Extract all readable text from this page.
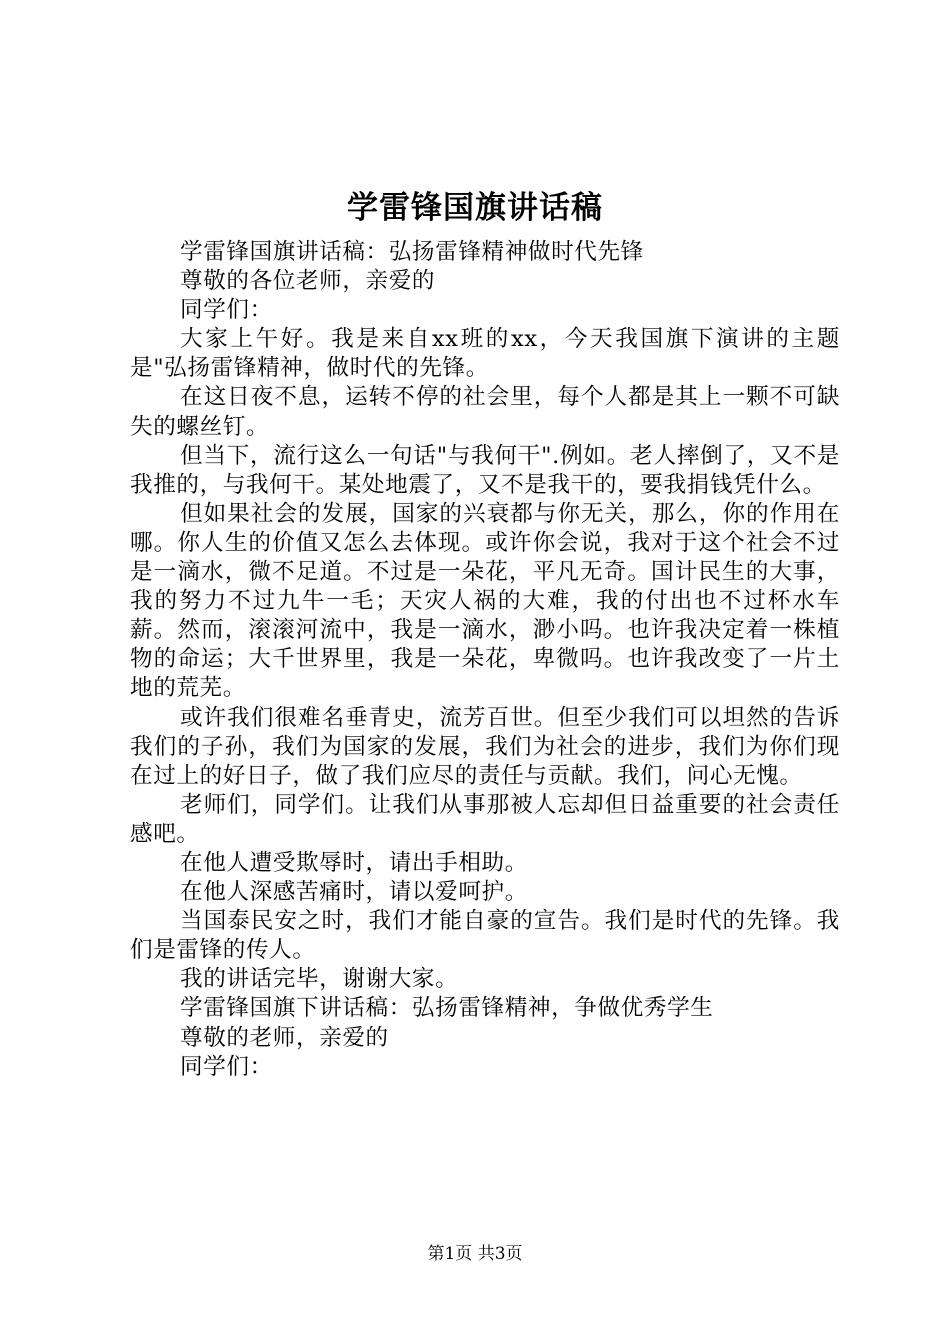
学雷锋国旗讲话稿

学雷锋国旗讲话稿：弘扬雷锋精神做时代先锋

尊敬的各位老师，亲爱的

同学们：

大家上午好。我是来自xx班的xx，今天我国旗下演讲的主题是"弘扬雷锋精神，做时代的先锋。

在这日夜不息，运转不停的社会里，每个人都是其上一颗不可缺失的螺丝钉。

但当下，流行这么一句话"与我何干".例如。老人摔倒了，又不是我推的，与我何干。某处地震了，又不是我干的，要我捐钱凭什么。

但如果社会的发展，国家的兴衰都与你无关，那么，你的作用在哪。你人生的价值又怎么去体现。或许你会说，我对于这个社会不过是一滴水，微不足道。不过是一朵花，平凡无奇。国计民生的大事，我的努力不过九牛一毛；天灾人祸的大难，我的付出也不过杯水车薪。然而，滚滚河流中，我是一滴水，渺小吗。也许我决定着一株植物的命运；大千世界里，我是一朵花，卑微吗。也许我改变了一片土地的荒芜。

或许我们很难名垂青史，流芳百世。但至少我们可以坦然的告诉我们的子孙，我们为国家的发展，我们为社会的进步，我们为你们现在过上的好日子，做了我们应尽的责任与贡献。我们，问心无愧。

老师们，同学们。让我们从事那被人忘却但日益重要的社会责任感吧。

在他人遭受欺辱时，请出手相助。

在他人深感苦痛时，请以爱呵护。

当国泰民安之时，我们才能自豪的宣告。我们是时代的先锋。我们是雷锋的传人。

我的讲话完毕，谢谢大家。

学雷锋国旗下讲话稿：弘扬雷锋精神，争做优秀学生

尊敬的老师，亲爱的

同学们：

第1页 共3页
